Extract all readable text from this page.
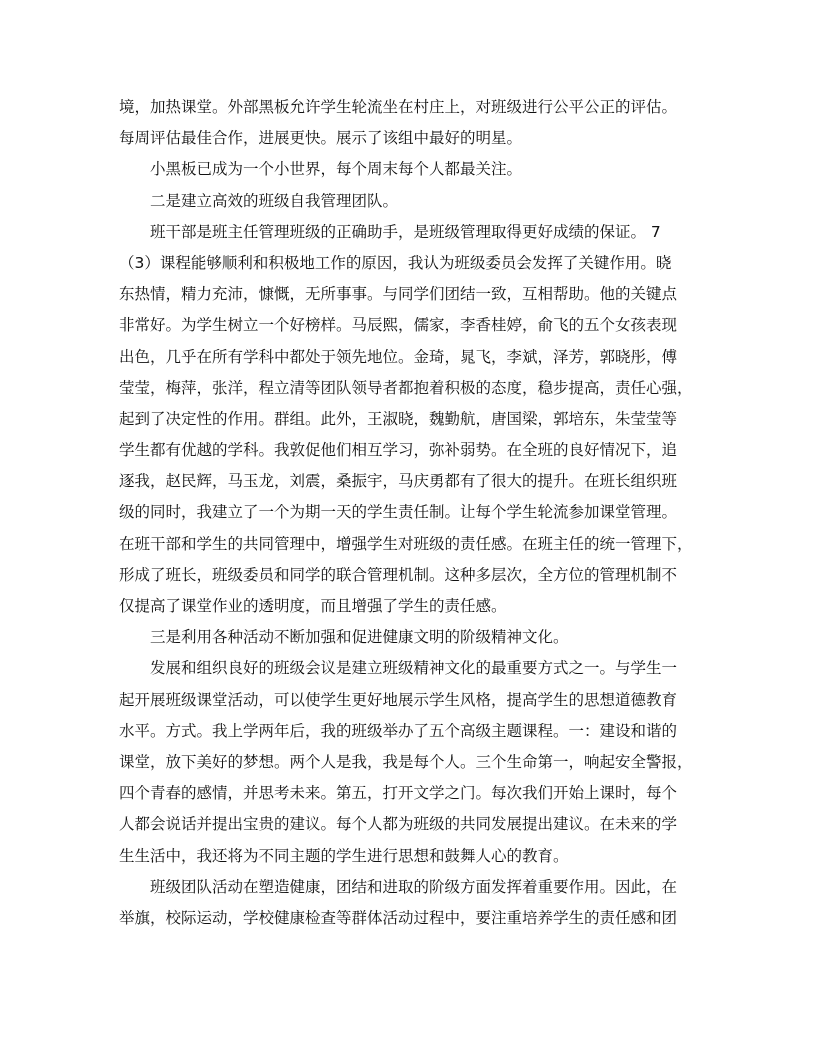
境，加热课堂。外部黑板允许学生轮流坐在村庄上，对班级进行公平公正的评估。
每周评估最佳合作，进展更快。展示了该组中最好的明星。
小黑板已成为一个小世界，每个周末每个人都最关注。
二是建立高效的班级自我管理团队。
班干部是班主任管理班级的正确助手，是班级管理取得更好成绩的保证。 7
（3）课程能够顺利和积极地工作的原因，我认为班级委员会发挥了关键作用。晓
东热情，精力充沛，慷慨，无所事事。与同学们团结一致，互相帮助。他的关键点
非常好。为学生树立一个好榜样。马辰熙，儒家，李香桂婷，俞飞的五个女孩表现
出色，几乎在所有学科中都处于领先地位。金琦，晁飞，李斌，泽芳，郭晓彤，傅
莹莹，梅萍，张洋，程立清等团队领导者都抱着积极的态度，稳步提高，责任心强，
起到了决定性的作用。群组。此外，王淑晓，魏勤航，唐国梁，郭培东，朱莹莹等
学生都有优越的学科。我敦促他们相互学习，弥补弱势。在全班的良好情况下，追
逐我，赵民辉，马玉龙，刘震，桑振宇，马庆勇都有了很大的提升。在班长组织班
级的同时，我建立了一个为期一天的学生责任制。让每个学生轮流参加课堂管理。
在班干部和学生的共同管理中，增强学生对班级的责任感。在班主任的统一管理下，
形成了班长，班级委员和同学的联合管理机制。这种多层次，全方位的管理机制不
仅提高了课堂作业的透明度，而且增强了学生的责任感。
三是利用各种活动不断加强和促进健康文明的阶级精神文化。
发展和组织良好的班级会议是建立班级精神文化的最重要方式之一。与学生一
起开展班级课堂活动，可以使学生更好地展示学生风格，提高学生的思想道德教育
水平。方式。我上学两年后，我的班级举办了五个高级主题课程。一：建设和谐的
课堂，放下美好的梦想。两个人是我，我是每个人。三个生命第一，响起安全警报，
四个青春的感情，并思考未来。第五，打开文学之门。每次我们开始上课时，每个
人都会说话并提出宝贵的建议。每个人都为班级的共同发展提出建议。在未来的学
生生活中，我还将为不同主题的学生进行思想和鼓舞人心的教育。
班级团队活动在塑造健康，团结和进取的阶级方面发挥着重要作用。因此，在
举旗，校际运动，学校健康检查等群体活动过程中，要注重培养学生的责任感和团
